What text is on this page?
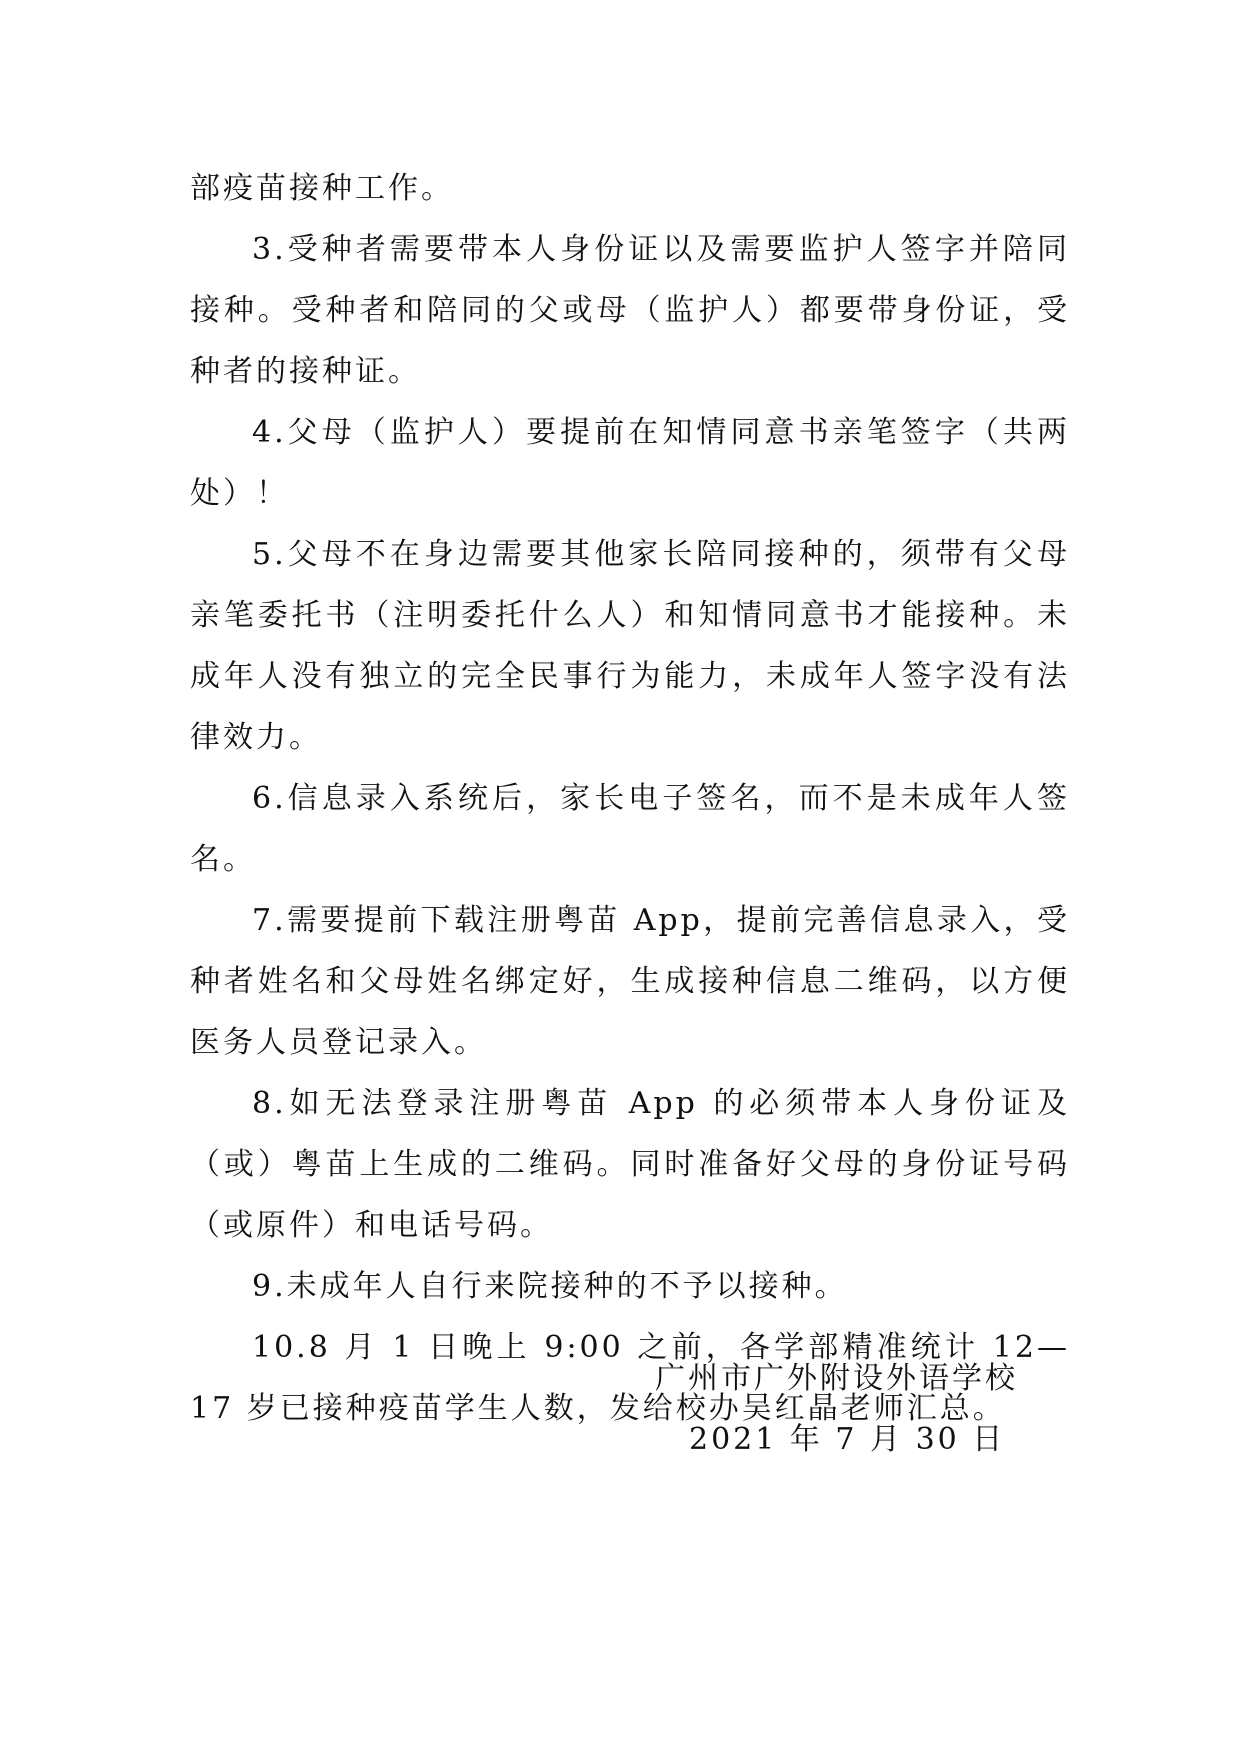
部疫苗接种工作。

3.受种者需要带本人身份证以及需要监护人签字并陪同接种。受种者和陪同的父或母（监护人）都要带身份证，受种者的接种证。

4.父母（监护人）要提前在知情同意书亲笔签字（共两处）！

5.父母不在身边需要其他家长陪同接种的，须带有父母亲笔委托书（注明委托什么人）和知情同意书才能接种。未成年人没有独立的完全民事行为能力，未成年人签字没有法律效力。

6.信息录入系统后，家长电子签名，而不是未成年人签名。

7.需要提前下载注册粤苗 App，提前完善信息录入，受种者姓名和父母姓名绑定好，生成接种信息二维码，以方便医务人员登记录入。

8.如无法登录注册粤苗 App 的必须带本人身份证及（或）粤苗上生成的二维码。同时准备好父母的身份证号码（或原件）和电话号码。

9.未成年人自行来院接种的不予以接种。

10.8 月 1 日晚上 9:00 之前，各学部精准统计 12—17 岁已接种疫苗学生人数，发给校办吴红晶老师汇总。

广州市广外附设外语学校

2021 年 7 月 30 日
